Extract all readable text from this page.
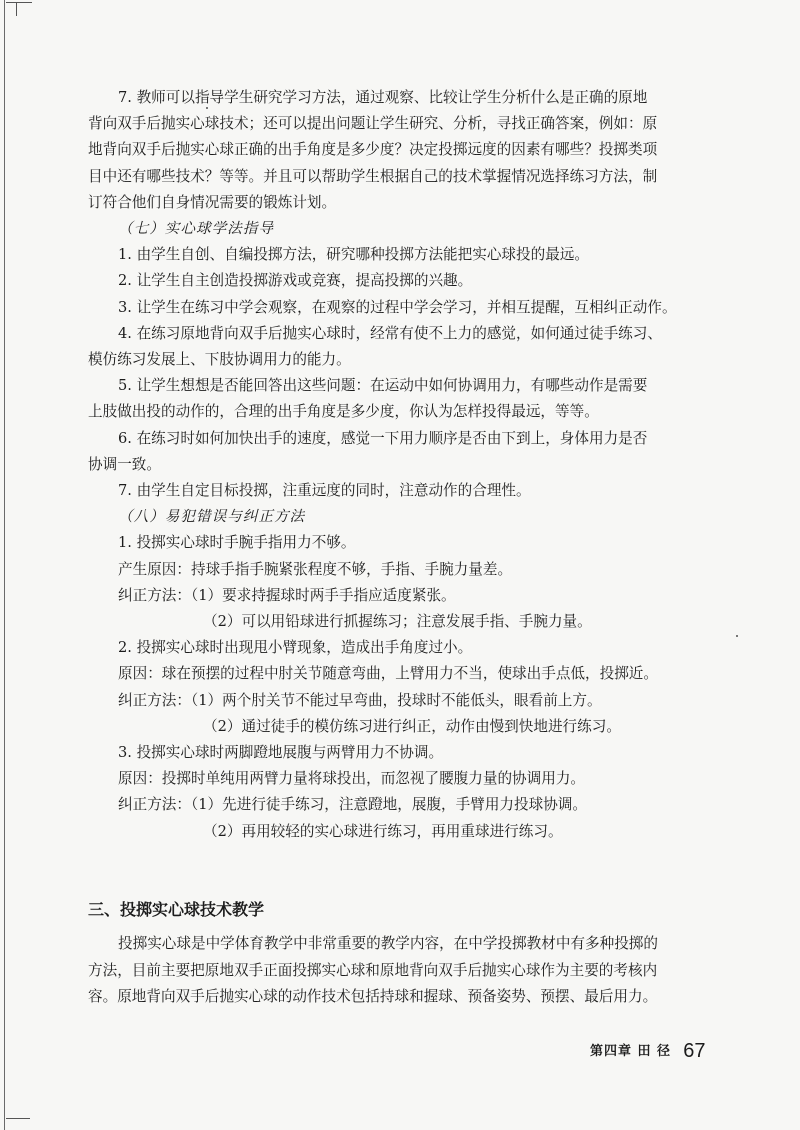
7. 教师可以指导学生研究学习方法，通过观察、比较让学生分析什么是正确的原地
背向双手后抛实心球技术；还可以提出问题让学生研究、分析，寻找正确答案，例如：原
地背向双手后抛实心球正确的出手角度是多少度？决定投掷远度的因素有哪些？投掷类项
目中还有哪些技术？等等。并且可以帮助学生根据自己的技术掌握情况选择练习方法，制
订符合他们自身情况需要的锻炼计划。
（七）实心球学法指导
1. 由学生自创、自编投掷方法，研究哪种投掷方法能把实心球投的最远。
2. 让学生自主创造投掷游戏或竞赛，提高投掷的兴趣。
3. 让学生在练习中学会观察，在观察的过程中学会学习，并相互提醒，互相纠正动作。
4. 在练习原地背向双手后抛实心球时，经常有使不上力的感觉，如何通过徒手练习、
模仿练习发展上、下肢协调用力的能力。
5. 让学生想想是否能回答出这些问题：在运动中如何协调用力，有哪些动作是需要
上肢做出投的动作的，合理的出手角度是多少度，你认为怎样投得最远，等等。
6. 在练习时如何加快出手的速度，感觉一下用力顺序是否由下到上，身体用力是否
协调一致。
7. 由学生自定目标投掷，注重远度的同时，注意动作的合理性。
（八）易犯错误与纠正方法
1. 投掷实心球时手腕手指用力不够。
产生原因：持球手指手腕紧张程度不够，手指、手腕力量差。
纠正方法：（1）要求持握球时两手手指应适度紧张。
（2）可以用铅球进行抓握练习；注意发展手指、手腕力量。
2. 投掷实心球时出现甩小臂现象，造成出手角度过小。
原因：球在预摆的过程中肘关节随意弯曲，上臂用力不当，使球出手点低，投掷近。
纠正方法：（1）两个肘关节不能过早弯曲，投球时不能低头，眼看前上方。
（2）通过徒手的模仿练习进行纠正，动作由慢到快地进行练习。
3. 投掷实心球时两脚蹬地展腹与两臂用力不协调。
原因：投掷时单纯用两臂力量将球投出，而忽视了腰腹力量的协调用力。
纠正方法：（1）先进行徒手练习，注意蹬地，展腹，手臂用力投球协调。
（2）再用较轻的实心球进行练习，再用重球进行练习。
投掷实心球是中学体育教学中非常重要的教学内容，在中学投掷教材中有多种投掷的
方法，目前主要把原地双手正面投掷实心球和原地背向双手后抛实心球作为主要的考核内
容。原地背向双手后抛实心球的动作技术包括持球和握球、预备姿势、预摆、最后用力。
三、投掷实心球技术教学
第四章 田 径 67
